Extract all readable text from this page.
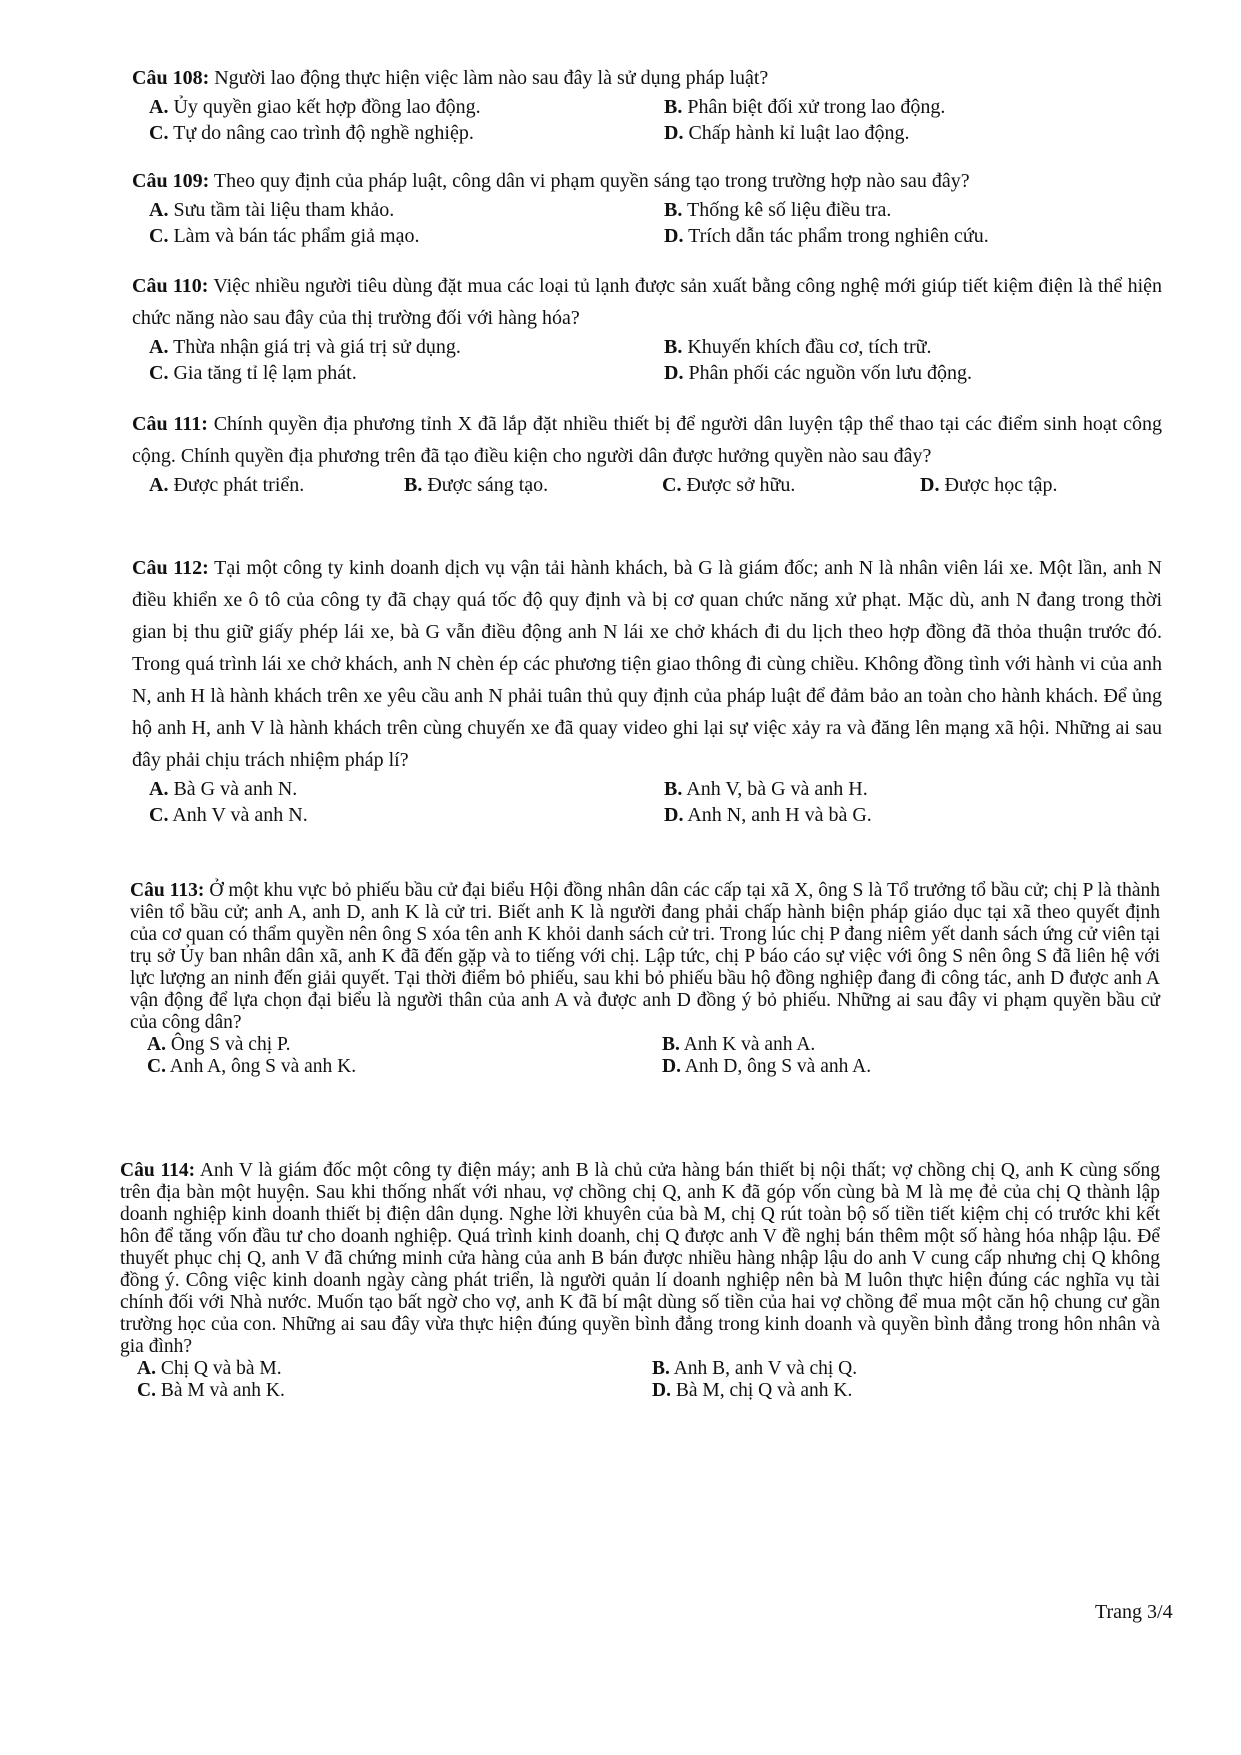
Câu 108: Người lao động thực hiện việc làm nào sau đây là sử dụng pháp luật?
A. Ủy quyền giao kết hợp đồng lao động.	B. Phân biệt đối xử trong lao động.
C. Tự do nâng cao trình độ nghề nghiệp.	D. Chấp hành kỉ luật lao động.
Câu 109: Theo quy định của pháp luật, công dân vi phạm quyền sáng tạo trong trường hợp nào sau đây?
A. Sưu tầm tài liệu tham khảo.	B. Thống kê số liệu điều tra.
C. Làm và bán tác phẩm giả mạo.	D. Trích dẫn tác phẩm trong nghiên cứu.
Câu 110: Việc nhiều người tiêu dùng đặt mua các loại tủ lạnh được sản xuất bằng công nghệ mới giúp tiết kiệm điện là thể hiện chức năng nào sau đây của thị trường đối với hàng hóa?
A. Thừa nhận giá trị và giá trị sử dụng.	B. Khuyến khích đầu cơ, tích trữ.
C. Gia tăng tỉ lệ lạm phát.	D. Phân phối các nguồn vốn lưu động.
Câu 111: Chính quyền địa phương tỉnh X đã lắp đặt nhiều thiết bị để người dân luyện tập thể thao tại các điểm sinh hoạt công cộng. Chính quyền địa phương trên đã tạo điều kiện cho người dân được hưởng quyền nào sau đây?
A. Được phát triển.	B. Được sáng tạo.	C. Được sở hữu.	D. Được học tập.
Câu 112: Tại một công ty kinh doanh dịch vụ vận tải hành khách, bà G là giám đốc; anh N là nhân viên lái xe. Một lần, anh N điều khiển xe ô tô của công ty đã chạy quá tốc độ quy định và bị cơ quan chức năng xử phạt. Mặc dù, anh N đang trong thời gian bị thu giữ giấy phép lái xe, bà G vẫn điều động anh N lái xe chở khách đi du lịch theo hợp đồng đã thỏa thuận trước đó. Trong quá trình lái xe chở khách, anh N chèn ép các phương tiện giao thông đi cùng chiều. Không đồng tình với hành vi của anh N, anh H là hành khách trên xe yêu cầu anh N phải tuân thủ quy định của pháp luật để đảm bảo an toàn cho hành khách. Để ủng hộ anh H, anh V là hành khách trên cùng chuyến xe đã quay video ghi lại sự việc xảy ra và đăng lên mạng xã hội. Những ai sau đây phải chịu trách nhiệm pháp lí?
A. Bà G và anh N.	B. Anh V, bà G và anh H.
C. Anh V và anh N.	D. Anh N, anh H và bà G.
Câu 113: Ở một khu vực bỏ phiếu bầu cử đại biểu Hội đồng nhân dân các cấp tại xã X, ông S là Tổ trưởng tổ bầu cử; chị P là thành viên tổ bầu cử; anh A, anh D, anh K là cử tri. Biết anh K là người đang phải chấp hành biện pháp giáo dục tại xã theo quyết định của cơ quan có thẩm quyền nên ông S xóa tên anh K khỏi danh sách cử tri. Trong lúc chị P đang niêm yết danh sách ứng cử viên tại trụ sở Ủy ban nhân dân xã, anh K đã đến gặp và to tiếng với chị. Lập tức, chị P báo cáo sự việc với ông S nên ông S đã liên hệ với lực lượng an ninh đến giải quyết. Tại thời điểm bỏ phiếu, sau khi bỏ phiếu bầu hộ đồng nghiệp đang đi công tác, anh D được anh A vận động để lựa chọn đại biểu là người thân của anh A và được anh D đồng ý bỏ phiếu. Những ai sau đây vi phạm quyền bầu cử của công dân?
A. Ông S và chị P.	B. Anh K và anh A.
C. Anh A, ông S và anh K.	D. Anh D, ông S và anh A.
Câu 114: Anh V là giám đốc một công ty điện máy; anh B là chủ cửa hàng bán thiết bị nội thất; vợ chồng chị Q, anh K cùng sống trên địa bàn một huyện. Sau khi thống nhất với nhau, vợ chồng chị Q, anh K đã góp vốn cùng bà M là mẹ đẻ của chị Q thành lập doanh nghiệp kinh doanh thiết bị điện dân dụng. Nghe lời khuyên của bà M, chị Q rút toàn bộ số tiền tiết kiệm chị có trước khi kết hôn để tăng vốn đầu tư cho doanh nghiệp. Quá trình kinh doanh, chị Q được anh V đề nghị bán thêm một số hàng hóa nhập lậu. Để thuyết phục chị Q, anh V đã chứng minh cửa hàng của anh B bán được nhiều hàng nhập lậu do anh V cung cấp nhưng chị Q không đồng ý. Công việc kinh doanh ngày càng phát triển, là người quản lí doanh nghiệp nên bà M luôn thực hiện đúng các nghĩa vụ tài chính đối với Nhà nước. Muốn tạo bất ngờ cho vợ, anh K đã bí mật dùng số tiền của hai vợ chồng để mua một căn hộ chung cư gần trường học của con. Những ai sau đây vừa thực hiện đúng quyền bình đẳng trong kinh doanh và quyền bình đẳng trong hôn nhân và gia đình?
A. Chị Q và bà M.	B. Anh B, anh V và chị Q.
C. Bà M và anh K.	D. Bà M, chị Q và anh K.
Trang 3/4
